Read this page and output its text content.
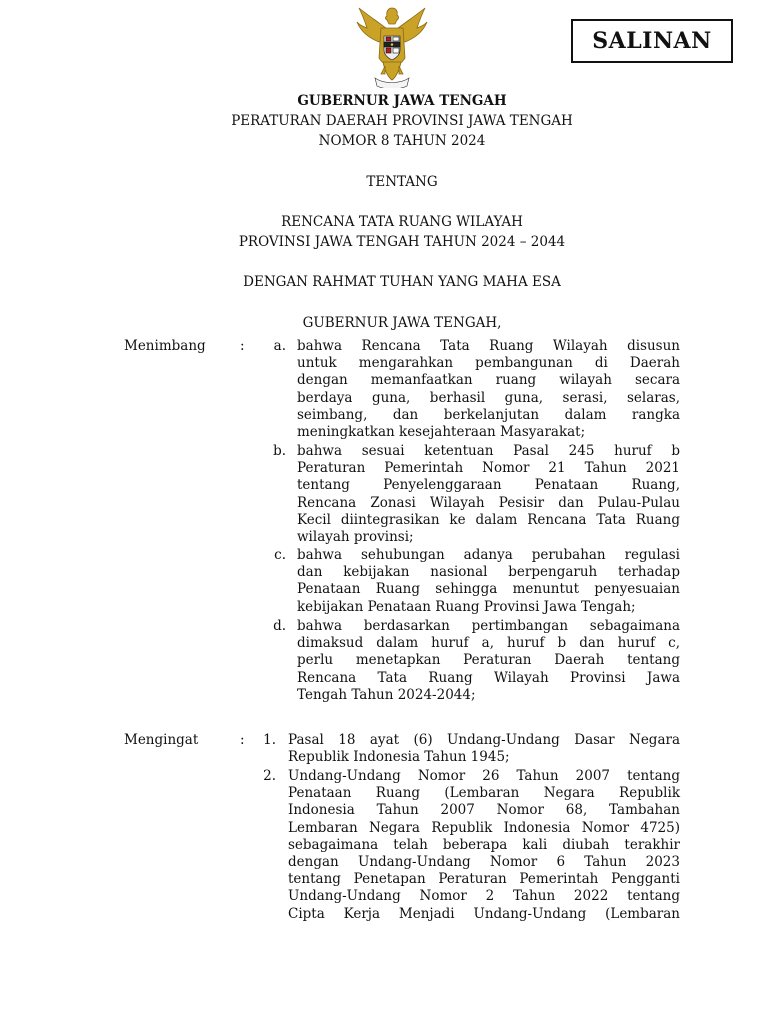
SALINAN
GUBERNUR JAWA TENGAH
PERATURAN DAERAH PROVINSI JAWA TENGAH
NOMOR 8 TAHUN 2024
TENTANG
RENCANA TATA RUANG WILAYAH
PROVINSI JAWA TENGAH TAHUN 2024 – 2044
DENGAN RAHMAT TUHAN YANG MAHA ESA
GUBERNUR JAWA TENGAH,
Menimbang	:	a. bahwa Rencana Tata Ruang Wilayah disusun
untuk mengarahkan pembangunan di Daerah
dengan memanfaatkan ruang wilayah secara
berdaya guna, berhasil guna, serasi, selaras,
seimbang, dan berkelanjutan dalam rangka
meningkatkan kesejahteraan Masyarakat;
b. bahwa sesuai ketentuan Pasal 245 huruf b
Peraturan Pemerintah Nomor 21 Tahun 2021
tentang Penyelenggaraan Penataan Ruang,
Rencana Zonasi Wilayah Pesisir dan Pulau-Pulau
Kecil diintegrasikan ke dalam Rencana Tata Ruang
wilayah provinsi;
c. bahwa sehubungan adanya perubahan regulasi
dan kebijakan nasional berpengaruh terhadap
Penataan Ruang sehingga menuntut penyesuaian
kebijakan Penataan Ruang Provinsi Jawa Tengah;
d. bahwa berdasarkan pertimbangan sebagaimana
dimaksud dalam huruf a, huruf b dan huruf c,
perlu menetapkan Peraturan Daerah tentang
Rencana Tata Ruang Wilayah Provinsi Jawa
Tengah Tahun 2024-2044;
Mengingat	:	1. Pasal 18 ayat (6) Undang-Undang Dasar Negara
Republik Indonesia Tahun 1945;
2. Undang-Undang Nomor 26 Tahun 2007 tentang
Penataan Ruang (Lembaran Negara Republik
Indonesia Tahun 2007 Nomor 68, Tambahan
Lembaran Negara Republik Indonesia Nomor 4725)
sebagaimana telah beberapa kali diubah terakhir
dengan Undang-Undang Nomor 6 Tahun 2023
tentang Penetapan Peraturan Pemerintah Pengganti
Undang-Undang Nomor 2 Tahun 2022 tentang
Cipta Kerja Menjadi Undang-Undang (Lembaran
